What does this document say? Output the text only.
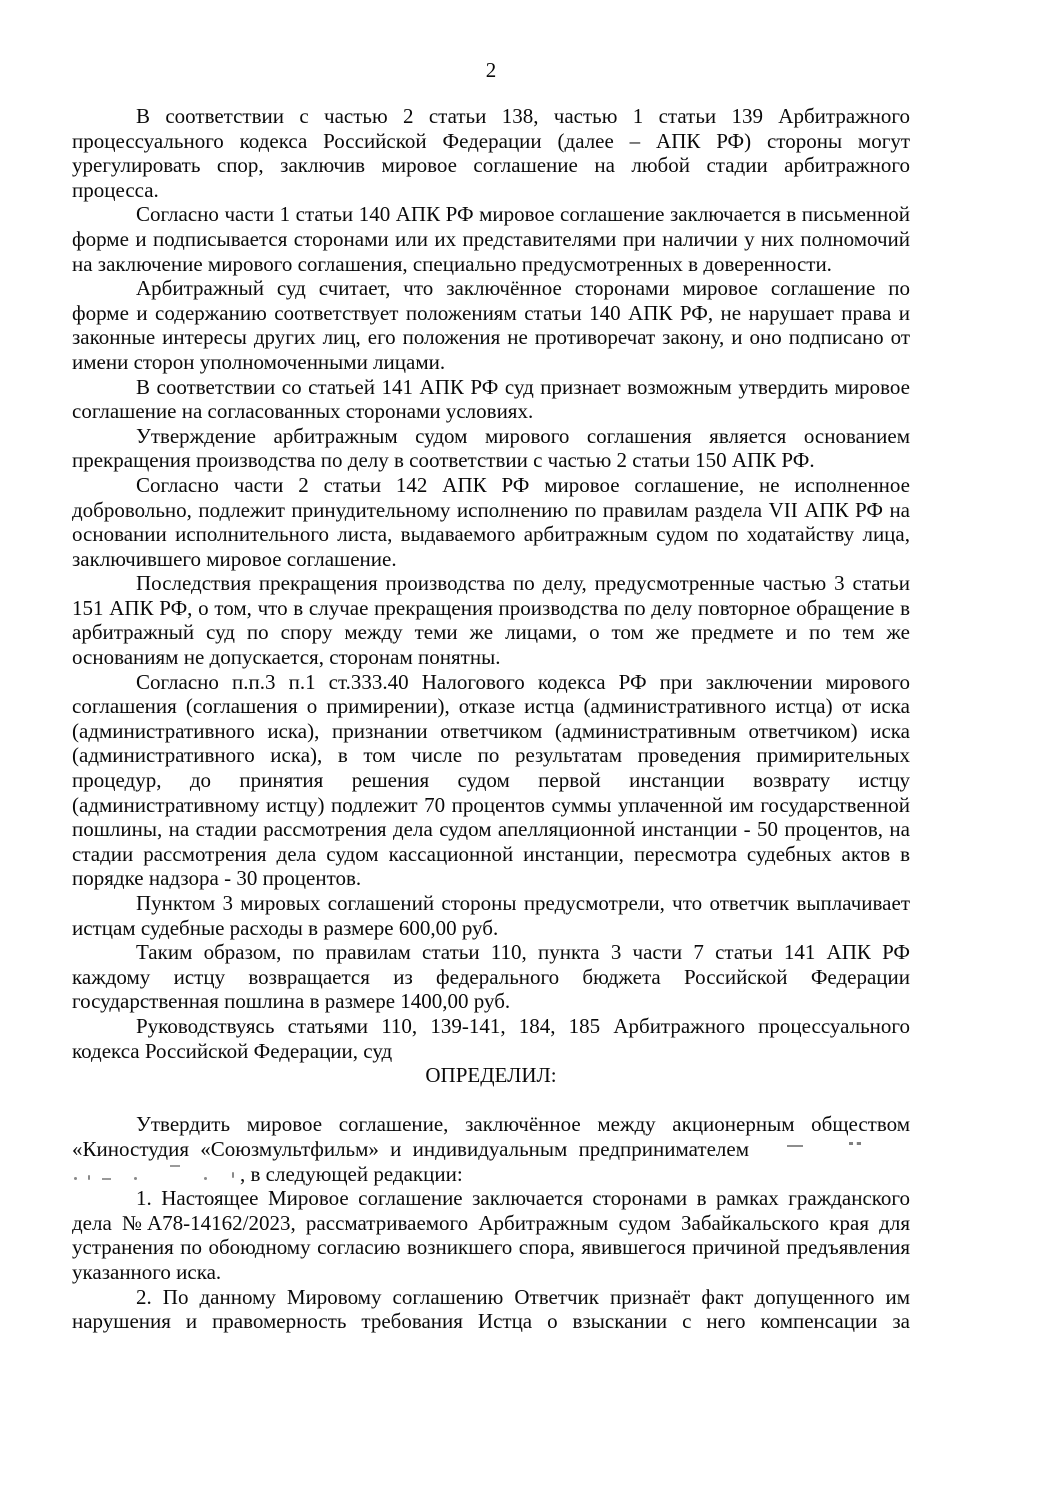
2

В соответствии с частью 2 статьи 138, частью 1 статьи 139 Арбитражного процессуального кодекса Российской Федерации (далее – АПК РФ) стороны могут урегулировать спор, заключив мировое соглашение на любой стадии арбитражного процесса.

Согласно части 1 статьи 140 АПК РФ мировое соглашение заключается в письменной форме и подписывается сторонами или их представителями при наличии у них полномочий на заключение мирового соглашения, специально предусмотренных в доверенности.

Арбитражный суд считает, что заключённое сторонами мировое соглашение по форме и содержанию соответствует положениям статьи 140 АПК РФ, не нарушает права и законные интересы других лиц, его положения не противоречат закону, и оно подписано от имени сторон уполномоченными лицами.

В соответствии со статьей 141 АПК РФ суд признает возможным утвердить мировое соглашение на согласованных сторонами условиях.

Утверждение арбитражным судом мирового соглашения является основанием прекращения производства по делу в соответствии с частью 2 статьи 150 АПК РФ.

Согласно части 2 статьи 142 АПК РФ мировое соглашение, не исполненное добровольно, подлежит принудительному исполнению по правилам раздела VII АПК РФ на основании исполнительного листа, выдаваемого арбитражным судом по ходатайству лица, заключившего мировое соглашение.

Последствия прекращения производства по делу, предусмотренные частью 3 статьи 151 АПК РФ, о том, что в случае прекращения производства по делу повторное обращение в арбитражный суд по спору между теми же лицами, о том же предмете и по тем же основаниям не допускается, сторонам понятны.

Согласно п.п.3 п.1 ст.333.40 Налогового кодекса РФ при заключении мирового соглашения (соглашения о примирении), отказе истца (административного истца) от иска (административного иска), признании ответчиком (административным ответчиком) иска (административного иска), в том числе по результатам проведения примирительных процедур, до принятия решения судом первой инстанции возврату истцу (административному истцу) подлежит 70 процентов суммы уплаченной им государственной пошлины, на стадии рассмотрения дела судом апелляционной инстанции - 50 процентов, на стадии рассмотрения дела судом кассационной инстанции, пересмотра судебных актов в порядке надзора - 30 процентов.

Пунктом 3 мировых соглашений стороны предусмотрели, что ответчик выплачивает истцам судебные расходы в размере 600,00 руб.

Таким образом, по правилам статьи 110, пункта 3 части 7 статьи 141 АПК РФ каждому истцу возвращается из федерального бюджета Российской Федерации государственная пошлина в размере 1400,00 руб.

Руководствуясь статьями 110, 139-141, 184, 185 Арбитражного процессуального кодекса Российской Федерации, суд

ОПРЕДЕЛИЛ:
Утвердить мировое соглашение, заключённое между акционерным обществом
«Киностудия «Союзмультфильм» и индивидуальным предпринимателем
, в следующей редакции:

1. Настоящее Мировое соглашение заключается сторонами в рамках гражданского дела №А78-14162/2023, рассматриваемого Арбитражным судом Забайкальского края для устранения по обоюдному согласию возникшего спора, явившегося причиной предъявления указанного иска.

2. По данному Мировому соглашению Ответчик признаёт факт допущенного им нарушения и правомерность требования Истца о взыскании с него компенсации за
